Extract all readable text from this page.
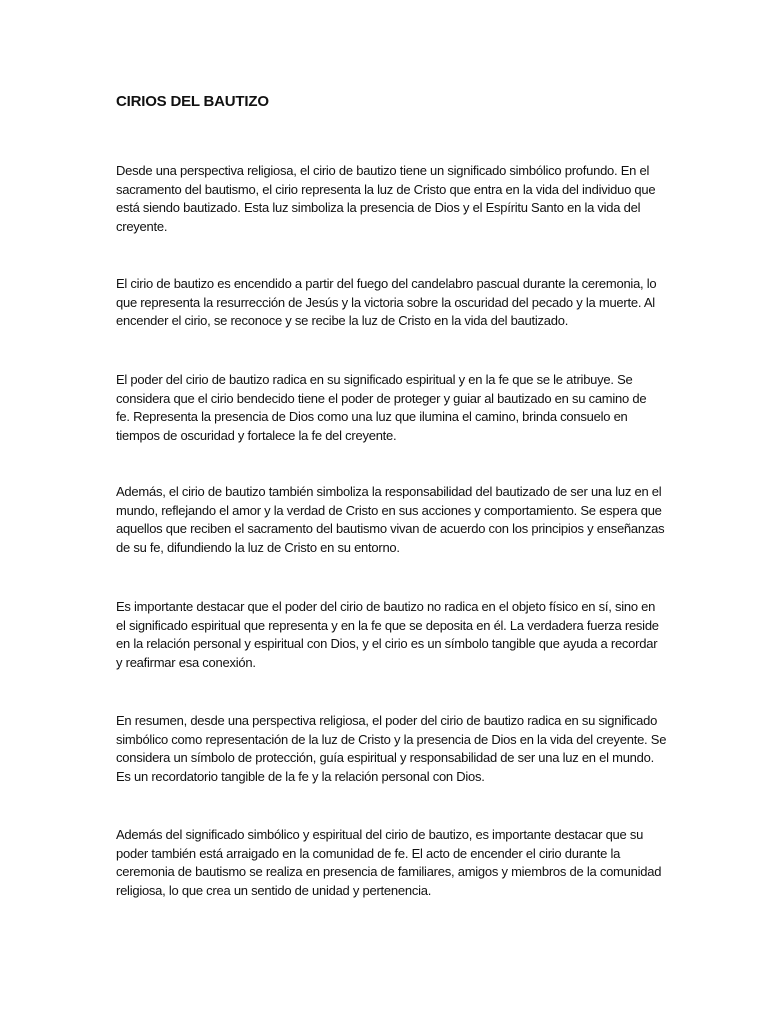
CIRIOS DEL BAUTIZO
Desde una perspectiva religiosa, el cirio de bautizo tiene un significado simbólico profundo. En el
sacramento del bautismo, el cirio representa la luz de Cristo que entra en la vida del individuo que
está siendo bautizado. Esta luz simboliza la presencia de Dios y el Espíritu Santo en la vida del
creyente.
El cirio de bautizo es encendido a partir del fuego del candelabro pascual durante la ceremonia, lo
que representa la resurrección de Jesús y la victoria sobre la oscuridad del pecado y la muerte. Al
encender el cirio, se reconoce y se recibe la luz de Cristo en la vida del bautizado.
El poder del cirio de bautizo radica en su significado espiritual y en la fe que se le atribuye. Se
considera que el cirio bendecido tiene el poder de proteger y guiar al bautizado en su camino de
fe. Representa la presencia de Dios como una luz que ilumina el camino, brinda consuelo en
tiempos de oscuridad y fortalece la fe del creyente.
Además, el cirio de bautizo también simboliza la responsabilidad del bautizado de ser una luz en el
mundo, reflejando el amor y la verdad de Cristo en sus acciones y comportamiento. Se espera que
aquellos que reciben el sacramento del bautismo vivan de acuerdo con los principios y enseñanzas
de su fe, difundiendo la luz de Cristo en su entorno.
Es importante destacar que el poder del cirio de bautizo no radica en el objeto físico en sí, sino en
el significado espiritual que representa y en la fe que se deposita en él. La verdadera fuerza reside
en la relación personal y espiritual con Dios, y el cirio es un símbolo tangible que ayuda a recordar
y reafirmar esa conexión.
En resumen, desde una perspectiva religiosa, el poder del cirio de bautizo radica en su significado
simbólico como representación de la luz de Cristo y la presencia de Dios en la vida del creyente. Se
considera un símbolo de protección, guía espiritual y responsabilidad de ser una luz en el mundo.
Es un recordatorio tangible de la fe y la relación personal con Dios.
Además del significado simbólico y espiritual del cirio de bautizo, es importante destacar que su
poder también está arraigado en la comunidad de fe. El acto de encender el cirio durante la
ceremonia de bautismo se realiza en presencia de familiares, amigos y miembros de la comunidad
religiosa, lo que crea un sentido de unidad y pertenencia.
